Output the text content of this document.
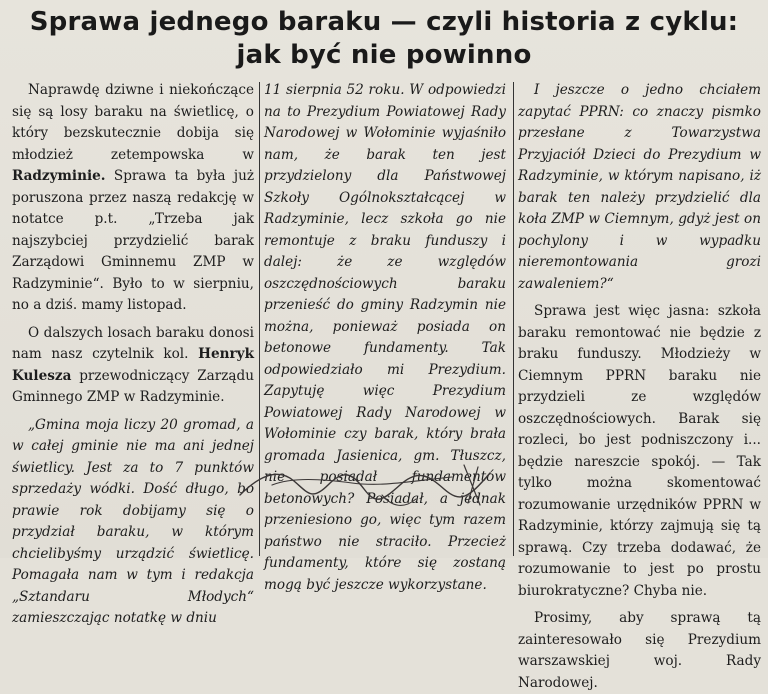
Sprawa jednego baraku — czyli historia z cyklu:
jak być nie powinno

Naprawdę dziwne i niekończące się są losy baraku na świetlicę, o który bezskutecznie dobija się młodzież zetempowska w Radzyminie. Sprawa ta była już poruszona przez naszą redakcję w notatce p.t. „Trzeba jak najszybciej przydzielić barak Zarządowi Gminnemu ZMP w Radzyminie“. Było to w sierpniu, no a dziś. mamy listopad.

O dalszych losach baraku donosi nam nasz czytelnik kol. Henryk Kulesza przewodniczący Zarządu Gminnego ZMP w Radzyminie.

„Gmina moja liczy 20 gromad, a w całej gminie nie ma ani jednej świetlicy. Jest za to 7 punktów sprzedaży wódki. Dość długo, bo prawie rok dobijamy się o przydział baraku, w którym chcielibyśmy urządzić świetlicę. Pomagała nam w tym i redakcja „Sztandaru Młodych“ zamieszczając notatkę w dniu

11 sierpnia 52 roku. W odpowiedzi na to Prezydium Powiatowej Rady Narodowej w Wołominie wyjaśniło nam, że barak ten jest przydzielony dla Państwowej Szkoły Ogólnokształcącej w Radzyminie, lecz szkoła go nie remontuje z braku funduszy i dalej: że ze względów oszczędnościowych baraku przenieść do gminy Radzymin nie można, ponieważ posiada on betonowe fundamenty. Tak odpowiedziało mi Prezydium. Zapytuję więc Prezydium Powiatowej Rady Narodowej w Wołominie czy barak, który brała gromada Jasienica, gm. Tłuszcz, nie posiadał fundamentów betonowych? Posiadał, a jednak przeniesiono go, więc tym razem państwo nie straciło. Przecież fundamenty, które się zostaną mogą być jeszcze wykorzystane.

I jeszcze o jedno chciałem zapytać PPRN: co znaczy pismko przesłane z Towarzystwa Przyjaciół Dzieci do Prezydium w Radzyminie, w którym napisano, iż barak ten należy przydzielić dla koła ZMP w Ciemnym, gdyż jest on pochylony i w wypadku nieremontowania grozi zawaleniem?“

Sprawa jest więc jasna: szkoła baraku remontować nie będzie z braku funduszy. Młodzieży w Ciemnym PPRN baraku nie przydzieli ze względów oszczędnościowych. Barak się rozleci, bo jest podniszczony i... będzie nareszcie spokój. — Tak tylko można skomentować rozumowanie urzędników PPRN w Radzyminie, którzy zajmują się tą sprawą. Czy trzeba dodawać, że rozumowanie to jest po prostu biurokratyczne? Chyba nie.

Prosimy, aby sprawą tą zainteresowało się Prezydium warszawskiej woj. Rady Narodowej.
